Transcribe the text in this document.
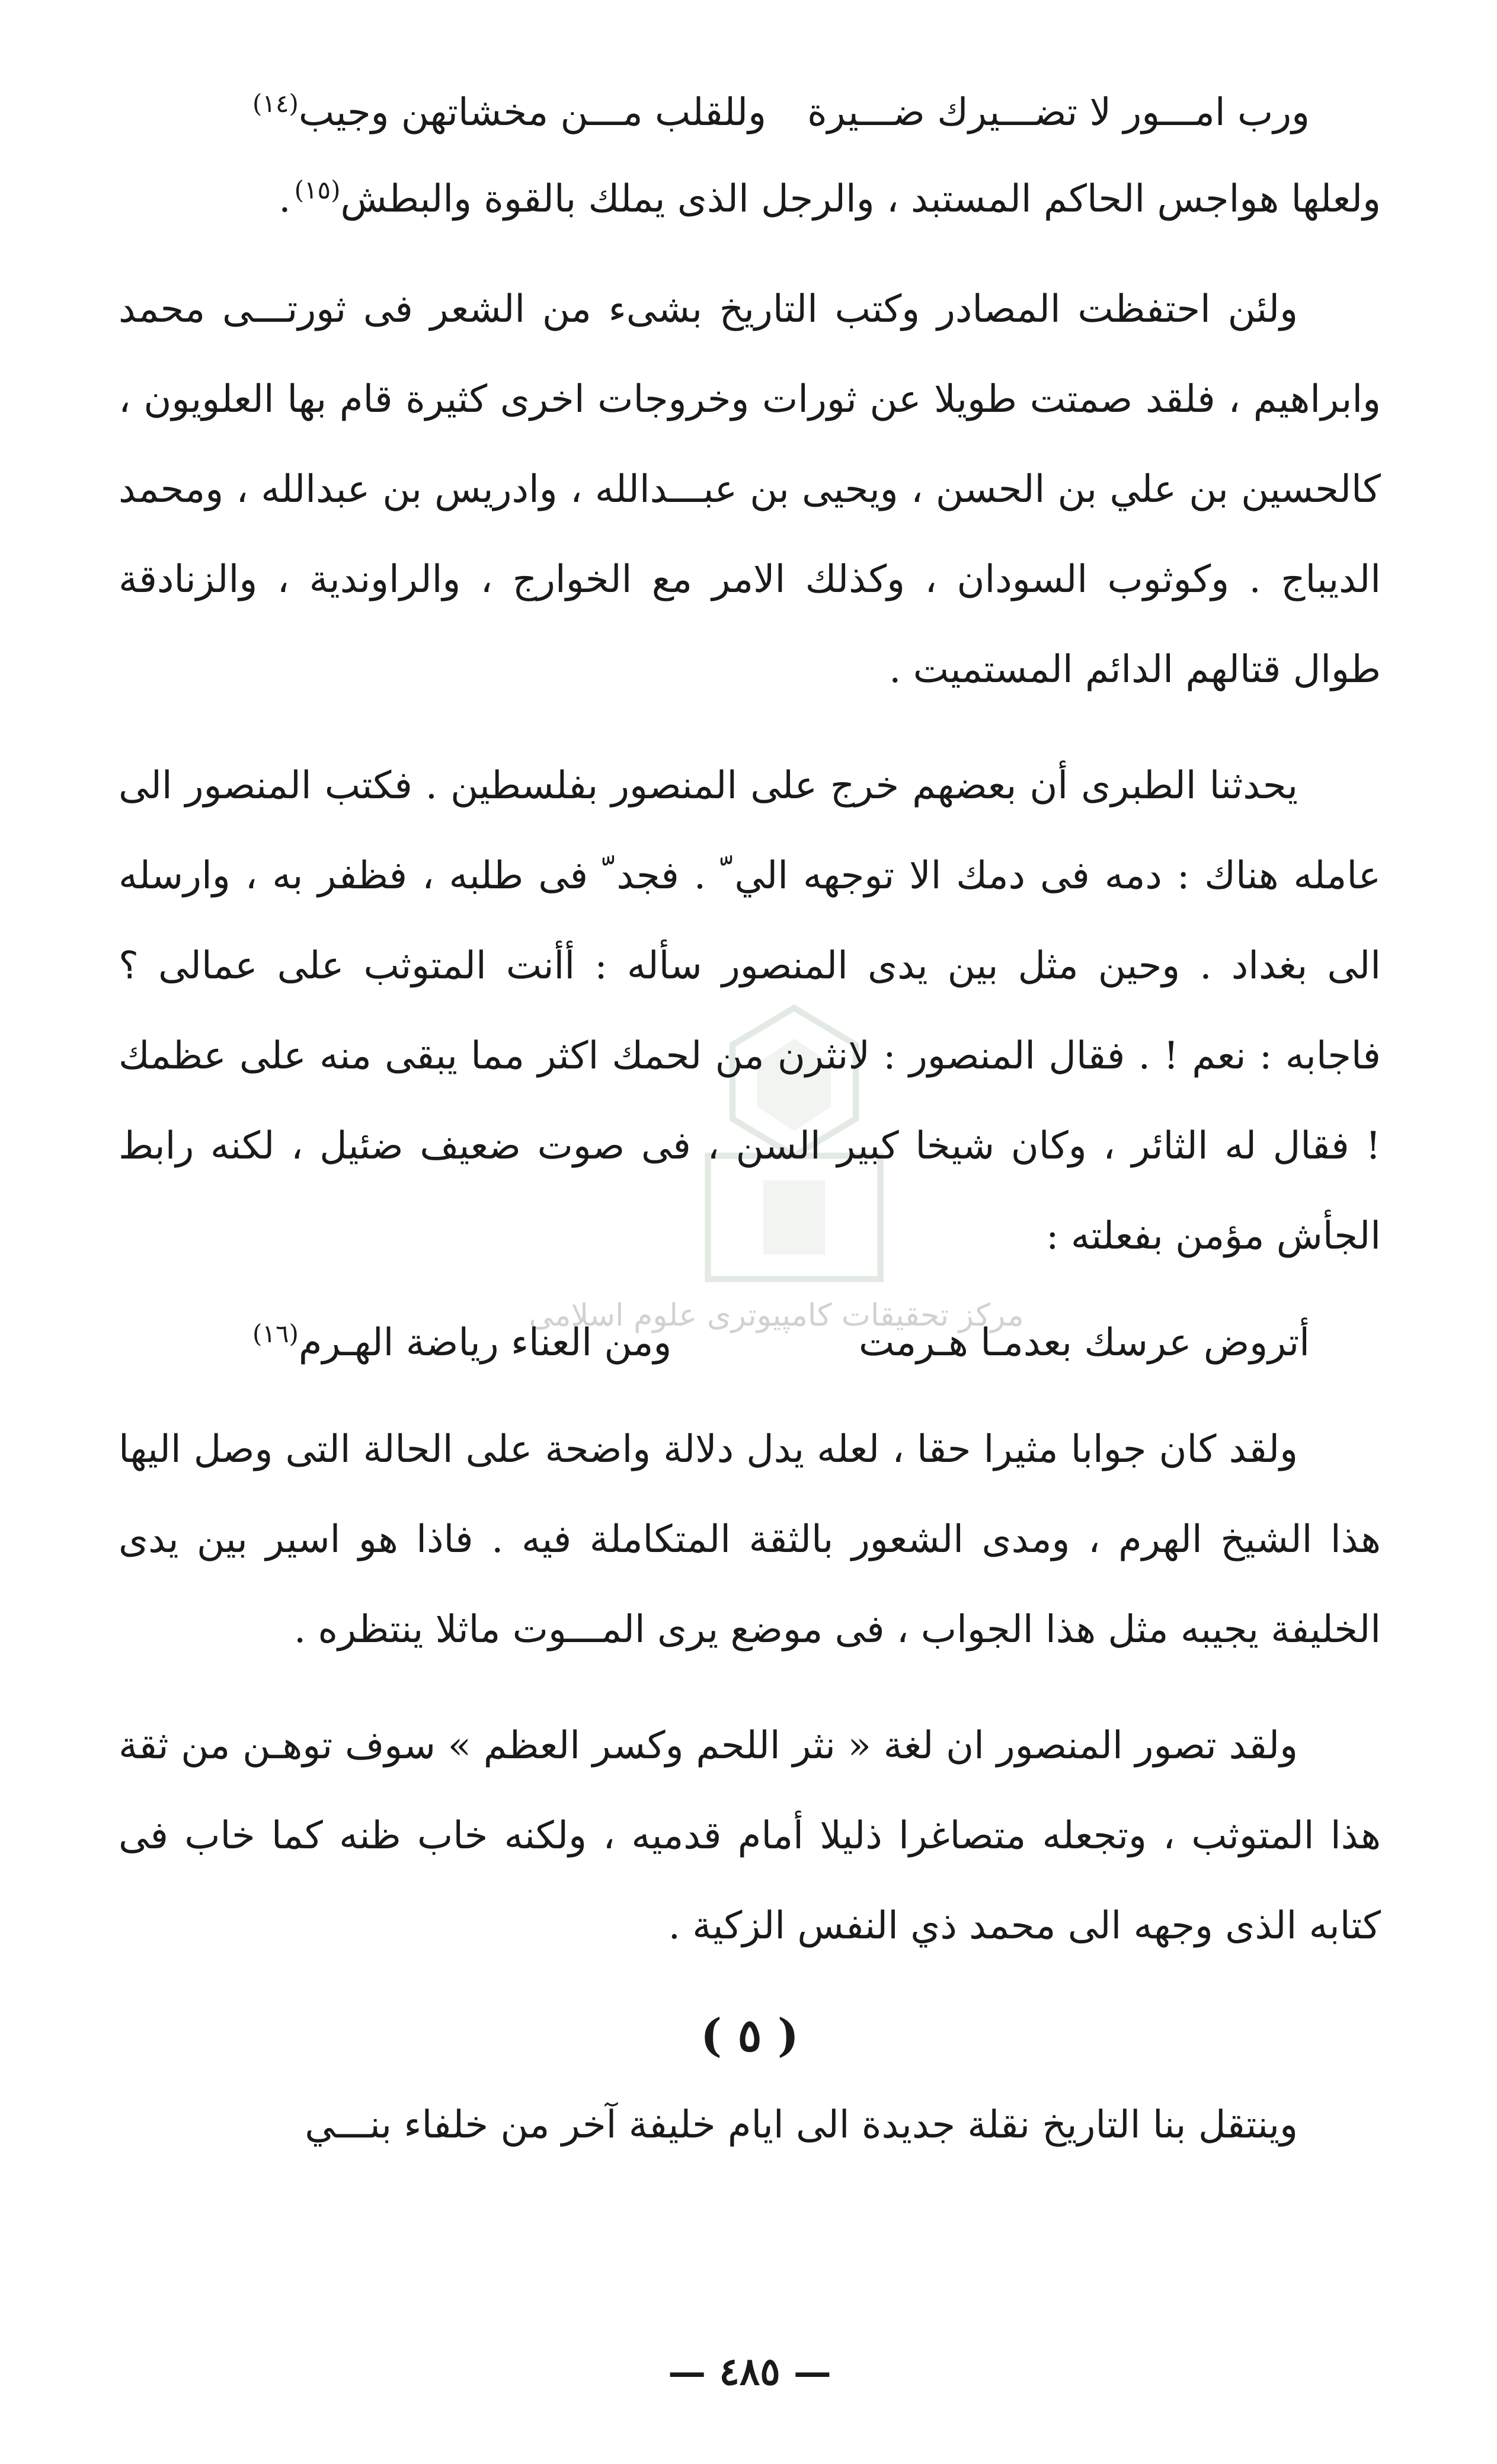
مرکز تحقیقات کامپیوتری علوم اسلامی
ورب امـــور لا تضـــيرك ضـــيرة
وللقلب مـــن مخشاتهن وجيب$^{(١٤)}$

ولعلها هواجس الحاكم المستبد ، والرجل الذى يملك بالقوة والبطش$^{(١٥)}$.

ولئن احتفظت المصادر وكتب التاريخ بشىء من الشعر فى ثورتـــى محمد وابراهيم ، فلقد صمتت طويلا عن ثورات وخروجات اخرى كثيرة قام بها العلويون ، كالحسين بن علي بن الحسن ، ويحيى بن عبـــدالله ، وادريس بن عبدالله ، ومحمد الديباج . وكوثوب السودان ، وكذلك الامر مع الخوارج ، والراوندية ، والزنادقة طوال قتالهم الدائم المستميت .

يحدثنا الطبرى أن بعضهم خرج على المنصور بفلسطين . فكتب المنصور الى عامله هناك : دمه فى دمك الا توجهه الي ّ . فجد ّ فى طلبه ، فظفر به ، وارسله الى بغداد . وحين مثل بين يدى المنصور سأله : أأنت المتوثب على عمالى ؟ فاجابه : نعم ! . فقال المنصور : لانثرن من لحمك اكثر مما يبقى منه على عظمك ! فقال له الثائر ، وكان شيخا كبير السن ، فى صوت ضعيف ضئيل ، لكنه رابط الجأش مؤمن بفعلته :

أتروض عرسك بعدمـا هـرمت
ومن العناء رياضة الهـرم$^{(١٦)}$

ولقد كان جوابا مثيرا حقا ، لعله يدل دلالة واضحة على الحالة التى وصل اليها هذا الشيخ الهرم ، ومدى الشعور بالثقة المتكاملة فيه . فاذا هو اسير بين يدى الخليفة يجيبه مثل هذا الجواب ، فى موضع يرى المـــوت ماثلا ينتظره .

ولقد تصور المنصور ان لغة « نثر اللحم وكسر العظم » سوف توهـن من ثقة هذا المتوثب ، وتجعله متصاغرا ذليلا أمام قدميه ، ولكنه خاب ظنه كما خاب فى كتابه الذى وجهه الى محمد ذي النفس الزكية .

( ٥ )

وينتقل بنا التاريخ نقلة جديدة الى ايام خليفة آخر من خلفاء بنـــي

— ٤٨٥ —
